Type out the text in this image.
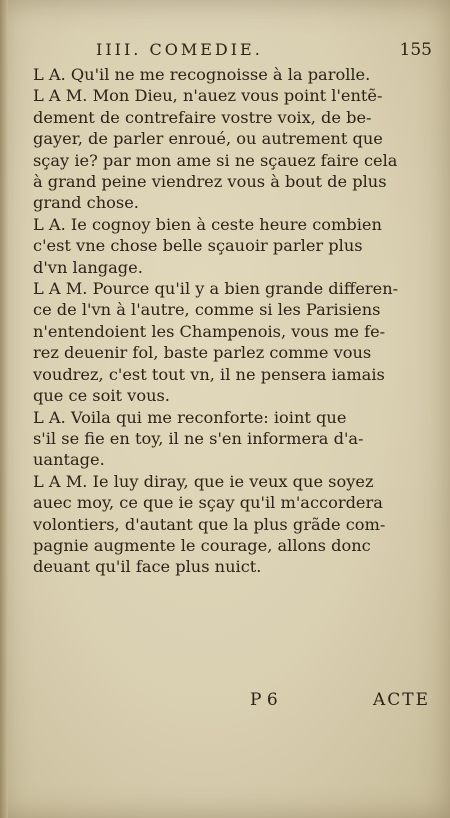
IIII. COMEDIE.	155
L A. Qu'il ne me recognoisse à la parolle.
L A M. Mon Dieu, n'auez vous point l'entẽ-
dement de contrefaire vostre voix, de be-
gayer, de parler enroué, ou autrement que
sçay ie? par mon ame si ne sçauez faire cela
à grand peine viendrez vous à bout de plus
grand chose.
L A. Ie cognoy bien à ceste heure combien
c'est vne chose belle sçauoir parler plus
d'vn langage.
L A M. Pource qu'il y a bien grande differen-
ce de l'vn à l'autre, comme si les Parisiens
n'entendoient les Champenois, vous me fe-
rez deuenir fol, baste parlez comme vous
voudrez, c'est tout vn, il ne pensera iamais
que ce soit vous.
L A. Voila qui me reconforte: ioint que
s'il se fie en toy, il ne s'en informera d'a-
uantage.
L A M. Ie luy diray, que ie veux que soyez
auec moy, ce que ie sçay qu'il m'accordera
volontiers, d'autant que la plus grãde com-
pagnie augmente le courage, allons donc
deuant qu'il face plus nuict.
P 6	ACTE
